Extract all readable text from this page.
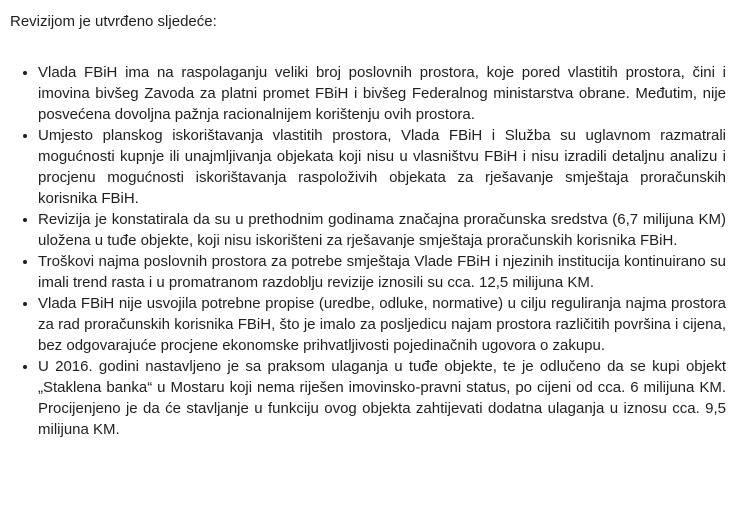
Revizijom je utvrđeno sljedeće:

• Vlada FBiH ima na raspolaganju veliki broj poslovnih prostora, koje pored vlastitih prostora, čini i imovina bivšeg Zavoda za platni promet FBiH i bivšeg Federalnog ministarstva obrane. Međutim, nije posvećena dovoljna pažnja racionalnijem korištenju ovih prostora.
• Umjesto planskog iskorištavanja vlastitih prostora, Vlada FBiH i Služba su uglavnom razmatrali mogućnosti kupnje ili unajmljivanja objekata koji nisu u vlasništvu FBiH i nisu izradili detaljnu analizu i procjenu mogućnosti iskorištavanja raspoloživih objekata za rješavanje smještaja proračunskih korisnika FBiH.
• Revizija je konstatirala da su u prethodnim godinama značajna proračunska sredstva (6,7 milijuna KM) uložena u tuđe objekte, koji nisu iskorišteni za rješavanje smještaja proračunskih korisnika FBiH.
• Troškovi najma poslovnih prostora za potrebe smještaja Vlade FBiH i njezinih institucija kontinuirano su imali trend rasta i u promatranom razdoblju revizije iznosili su cca. 12,5 milijuna KM.
• Vlada FBiH nije usvojila potrebne propise (uredbe, odluke, normative) u cilju reguliranja najma prostora za rad proračunskih korisnika FBiH, što je imalo za posljedicu najam prostora različitih površina i cijena, bez odgovarajuće procjene ekonomske prihvatljivosti pojedinačnih ugovora o zakupu.
• U 2016. godini nastavljeno je sa praksom ulaganja u tuđe objekte, te je odlučeno da se kupi objekt „Staklena banka“ u Mostaru koji nema riješen imovinsko-pravni status, po cijeni od cca. 6 milijuna KM. Procijenjeno je da će stavljanje u funkciju ovog objekta zahtijevati dodatna ulaganja u iznosu cca. 9,5 milijuna KM.
